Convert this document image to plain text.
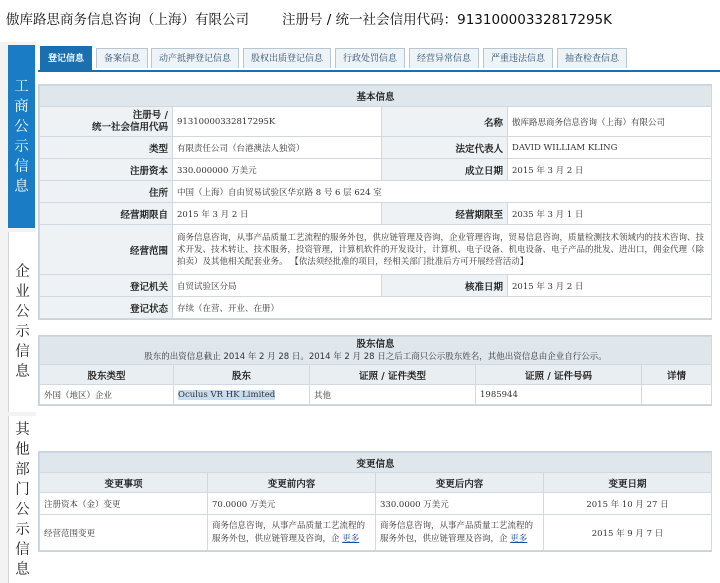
傲库路思商务信息咨询（上海）有限公司 注册号 / 统一社会信用代码：91310000332817295K
工
商
公
示
信
息
企
业
公
示
信
息
其
他
部
门
公
示
信
息
登记信息	备案信息	动产抵押登记信息	股权出质登记信息	行政处罚信息	经营异常信息	严重违法信息	抽查检查信息
基本信息			
注册号 /
统一社会信用代码	91310000332817295K	名称	傲库路思商务信息咨询（上海）有限公司
类型	有限责任公司（台港澳法人独资）	法定代表人	DAVID WILLIAM KLING
注册资本	330.000000 万美元	成立日期	2015 年 3 月 2 日
住所	中国（上海）自由贸易试验区华京路 8 号 6 层 624 室		
经营期限自	2015 年 3 月 2 日	经营期限至	2035 年 3 月 1 日
经营范围	商务信息咨询，从事产品质量工艺流程的服务外包，供应链管理及咨询，企业管理咨询，贸易信息咨询，质量检测技术领域内的技术咨询、技术开发、技术转让、技术服务，投资管理，计算机软件的开发设计，计算机、电子设备、机电设备、电子产品的批发、进出口，佣金代理（除拍卖）及其他相关配套业务。 【依法须经批准的项目，经相关部门批准后方可开展经营活动】		
登记机关	自贸试验区分局	核准日期	2015 年 3 月 2 日
登记状态	存续（在营、开业、在册）		
股东信息
股东的出资信息截止 2014 年 2 月 28 日。2014 年 2 月 28 日之后工商只公示股东姓名，其他出资信息由企业自行公示。				

股东类型	股东	证照 / 证件类型	证照 / 证件号码	详情
外国（地区）企业	Oculus VR HK Limited	其他	1985944	
变更信息			
变更事项	变更前内容	变更后内容	变更日期
注册资本（金）变更	70.0000 万美元	330.0000 万美元	2015 年 10 月 27 日
经营范围变更	商务信息咨询，从事产品质量工艺流程的服务外包，供应链管理及咨询，企 更多	商务信息咨询，从事产品质量工艺流程的服务外包，供应链管理及咨询，企 更多	2015 年 9 月 7 日
